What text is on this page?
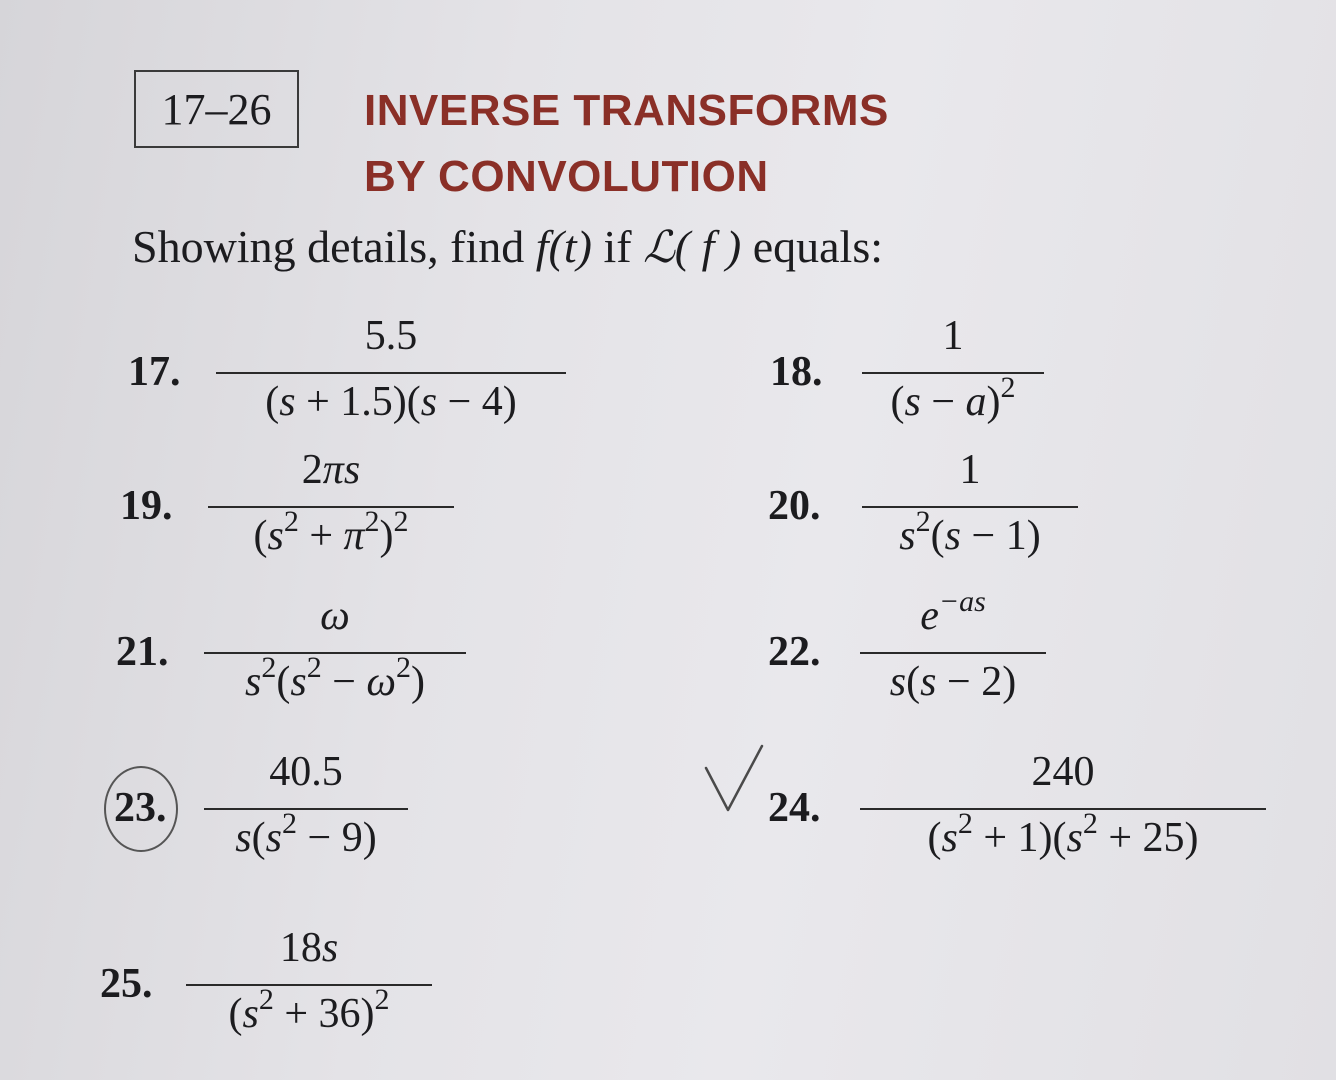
17–26 INVERSE TRANSFORMS
BY CONVOLUTION
Showing details, find f(t) if ℒ( f ) equals:
17.
5.5
(s + 1.5)(s − 4)
18.
1
$(s - a)^2$
19.
2πs
$(s^2 + \pi^2)^2$	20.
1
$s^2(s - 1)$
21.
ω
$s^2(s^2 - \omega^2)$
22.
$e^{-as}$
s(s − 2)
23.
40.5
$s(s^2 - 9)$
24.
240
$(s^2 + 1)(s^2 + 25)$
25.
18s
$(s^2 + 36)^2$
